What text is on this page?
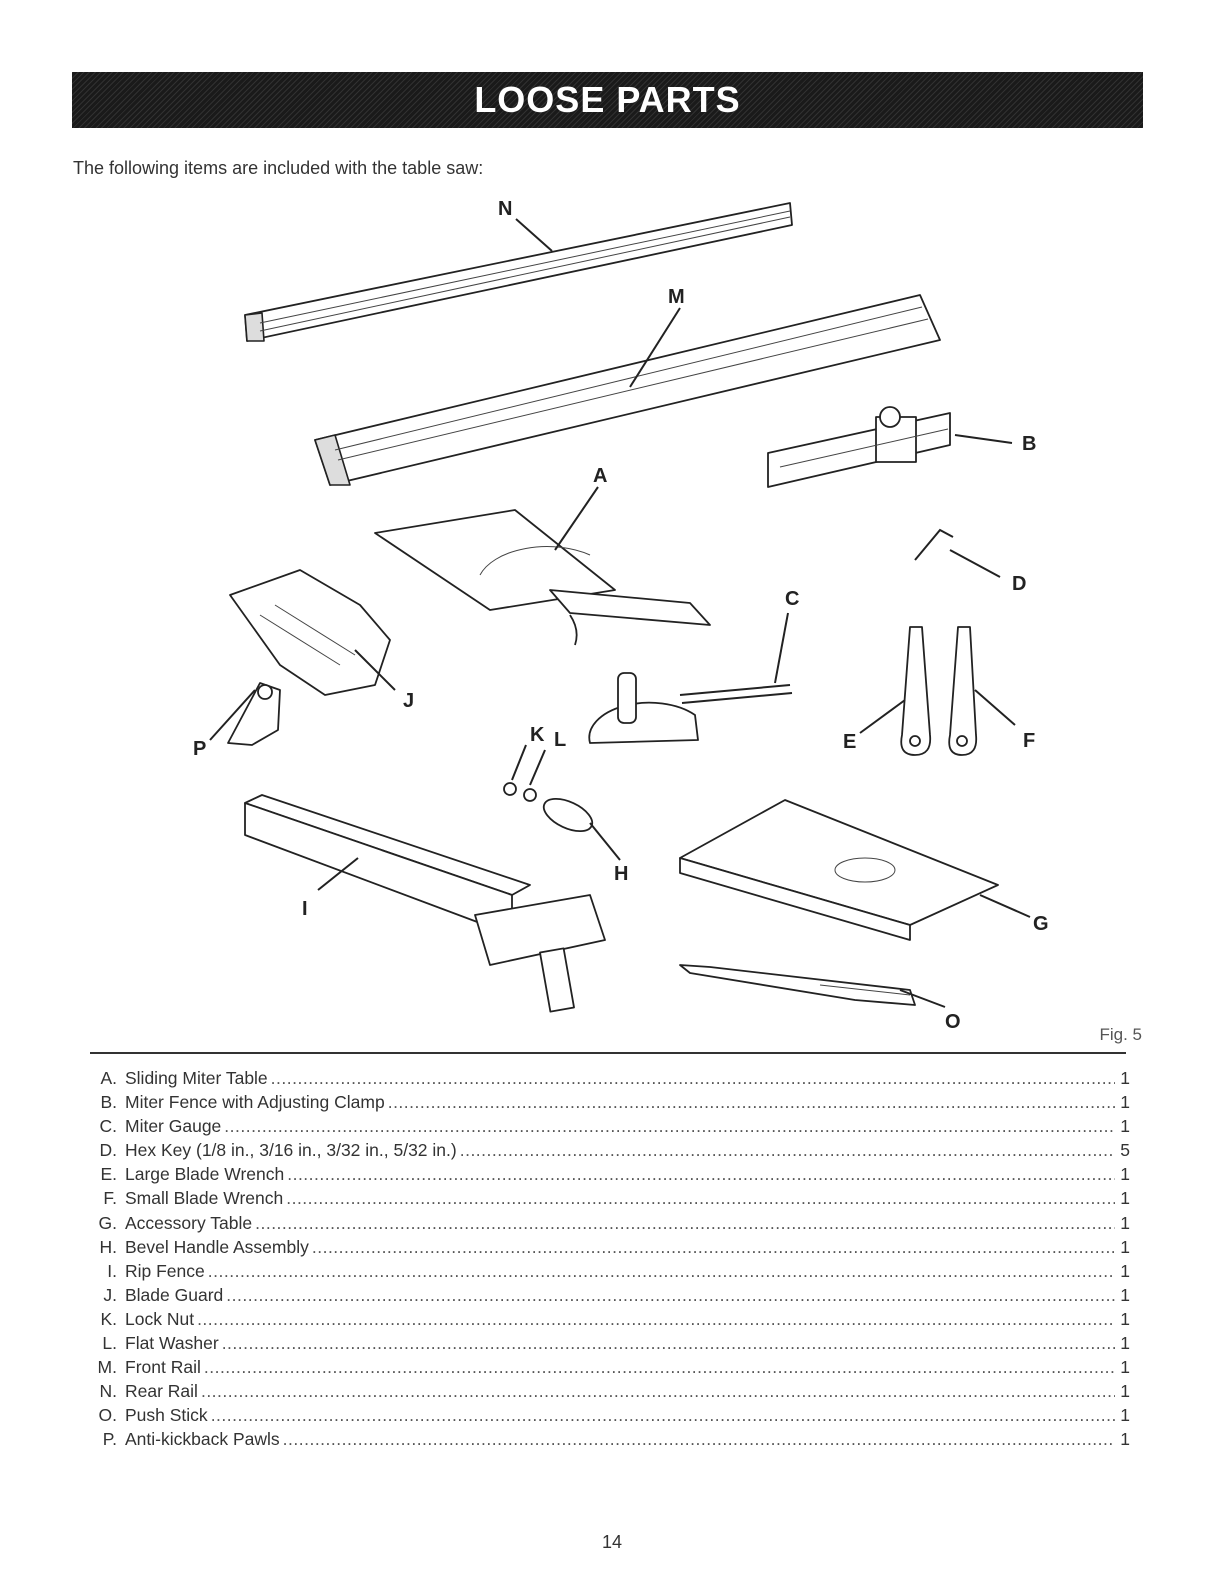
LOOSE PARTS
The following items are included with the table saw:
N
M
B
A
D
C
J
P
K L	E	F
H
I
G
O
Fig. 5
A. Sliding Miter Table .....	1
B. Miter Fence with Adjusting Clamp .....	1
C. Miter Gauge .....	1
D. Hex Key (1/8 in., 3/16 in., 3/32 in., 5/32 in.) .....	5
E. Large Blade Wrench .....	1
F. Small Blade Wrench .....	1
G. Accessory Table .....	1
H. Bevel Handle Assembly .....	1
I. Rip Fence .....	1
J. Blade Guard .....	1
K. Lock Nut .....	1
L. Flat Washer .....	1
M. Front Rail .....	1
N. Rear Rail .....	1
O. Push Stick .....	1
P. Anti-kickback Pawls .....	1
14
